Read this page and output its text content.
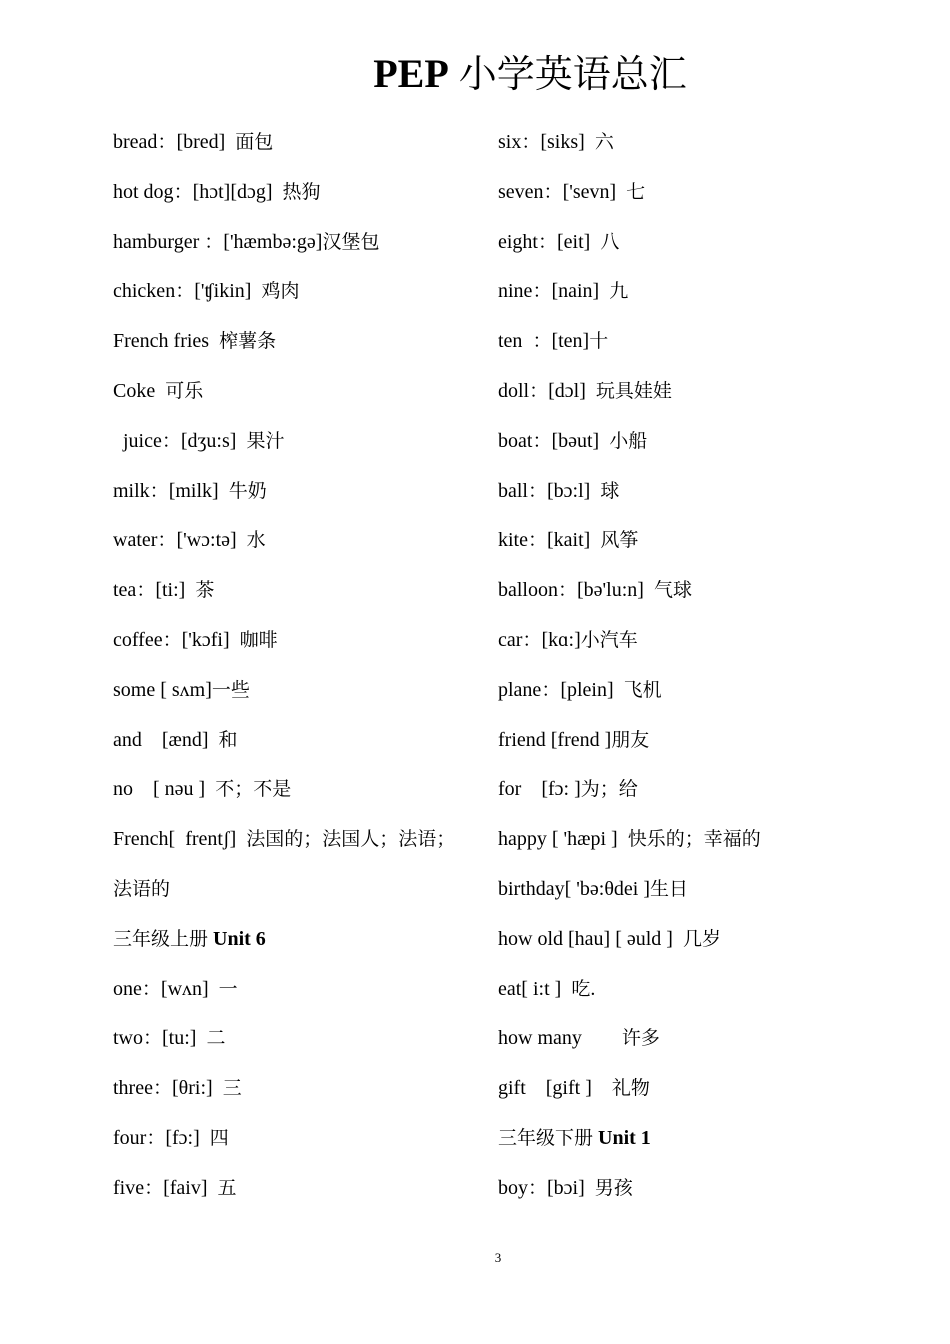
PEP 小学英语总汇
bread：[bred]  面包
hot dog：[hɔt][dɔg]  热狗
hamburger ：['hæmbə:gə]汉堡包
chicken：['ʧikin]  鸡肉
French fries  榨薯条
Coke  可乐
juice：[dʒu:s]  果汁
milk：[milk]  牛奶
water：['wɔ:tə]  水
tea：[ti:]  茶
coffee：['kɔfi]  咖啡
some [ sʌm]一些
and    [ænd]  和
no    [ nəu ]  不；不是
French[  frentʃ]  法国的；法国人；法语；
法语的
三年级上册 Unit 6
one：[wʌn]  一
two：[tu:]  二
three：[θri:]  三
four：[fɔ:]  四
five：[faiv]  五
six：[siks]  六
seven：['sevn]  七
eight：[eit]  八
nine：[nain]  九
ten  ：[ten]十
doll：[dɔl]  玩具娃娃
boat：[bəut]  小船
ball：[bɔ:l]  球
kite：[kait]  风筝
balloon：[bə'lu:n]  气球
car：[kɑ:]小汽车
plane：[plein]  飞机
friend [frend ]朋友
for    [fɔ: ]为；给
happy [ 'hæpi ]  快乐的；幸福的
birthday[ 'bə:θdei ]生日
how old [hau] [ əuld ]  几岁
eat[ i:t ]  吃.
how many        许多
gift    [gift ]    礼物
三年级下册 Unit 1
boy：[bɔi]  男孩
3
